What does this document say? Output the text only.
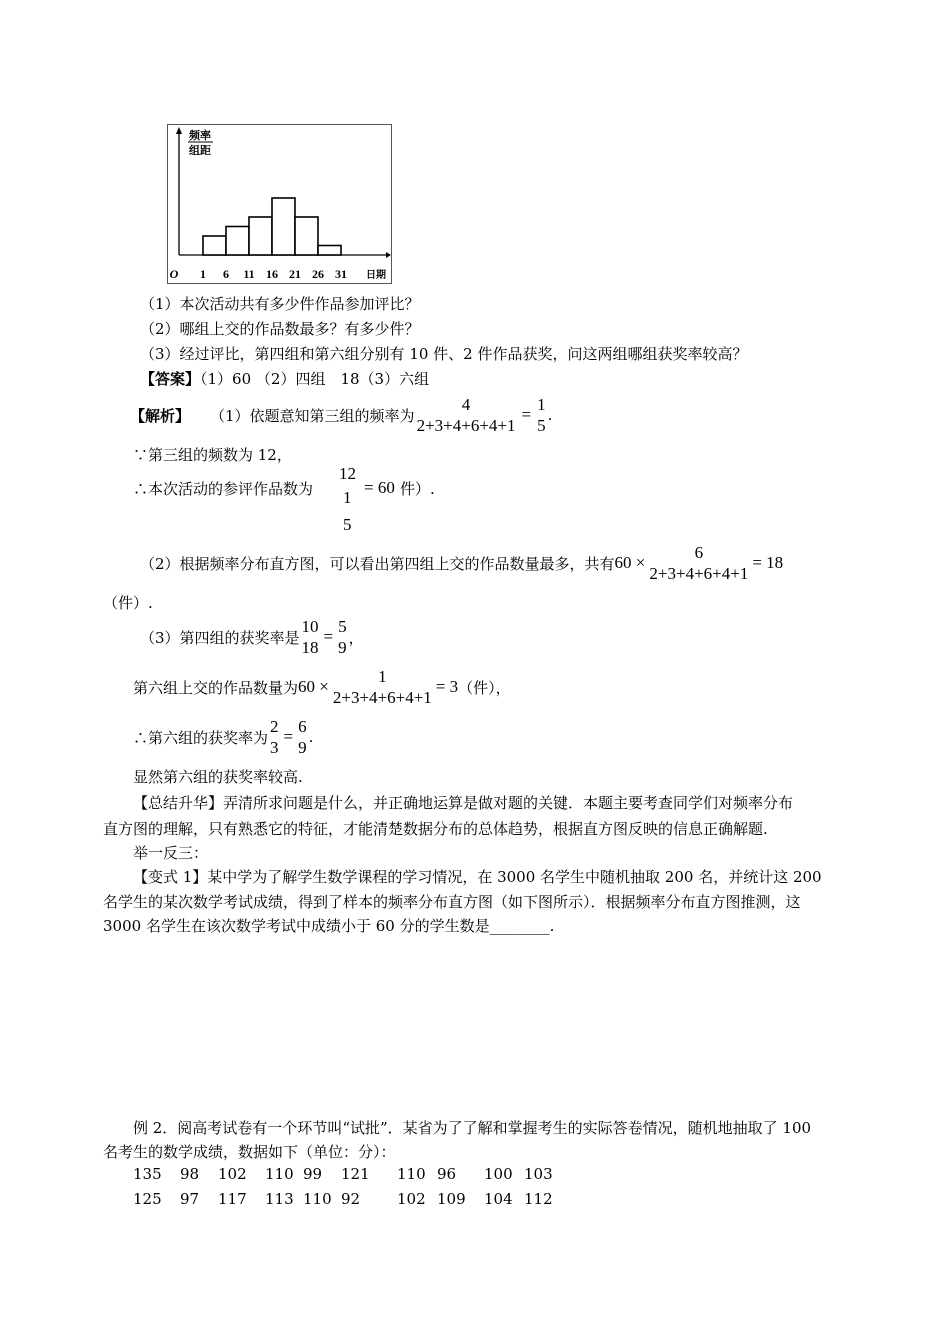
O 1 6 11 16 21 26 31 日期
频率
组距
（1）本次活动共有多少件作品参加评比？
（2）哪组上交的作品数最多？有多少件？
（3）经过评比，第四组和第六组分别有 10 件、2 件作品获奖，问这两组哪组获奖率较高？
【答案】（1）60 （2）四组　18（3）六组
【解析】 （1）依题意知第三组的频率为
4
2+3+4+6+4+1
=
1
5
.
∵第三组的频数为 12，
∴本次活动的参评作品数为
12
1
5
= 60 件）.
（2）根据频率分布直方图，可以看出第四组上交的作品数量最多，共有 60 ×
6
2+3+4+6+4+1
= 18
（件）.
（3）第四组的获奖率是
10
18
=
5
9
，
第六组上交的作品数量为 60 ×
1
2+3+4+6+4+1
= 3 （件），
∴第六组的获奖率为
2
3
=
6
9
.
显然第六组的获奖率较高.
【总结升华】弄清所求问题是什么，并正确地运算是做对题的关键．本题主要考查同学们对频率分布
直方图的理解，只有熟悉它的特征，才能清楚数据分布的总体趋势，根据直方图反映的信息正确解题.
举一反三：
【变式 1】某中学为了解学生数学课程的学习情况，在 3000 名学生中随机抽取 200 名，并统计这 200
名学生的某次数学考试成绩，得到了样本的频率分布直方图（如下图所示）．根据频率分布直方图推测，这
3000 名学生在该次数学考试中成绩小于 60 分的学生数是________.
例 2．阅高考试卷有一个环节叫“试批”．某省为了了解和掌握考生的实际答卷情况，随机地抽取了 100
名考生的数学成绩，数据如下（单位：分）：
135 98 102 110 99 121 110 96 100 103
125 97 117 113 110 92 102 109 104 112
